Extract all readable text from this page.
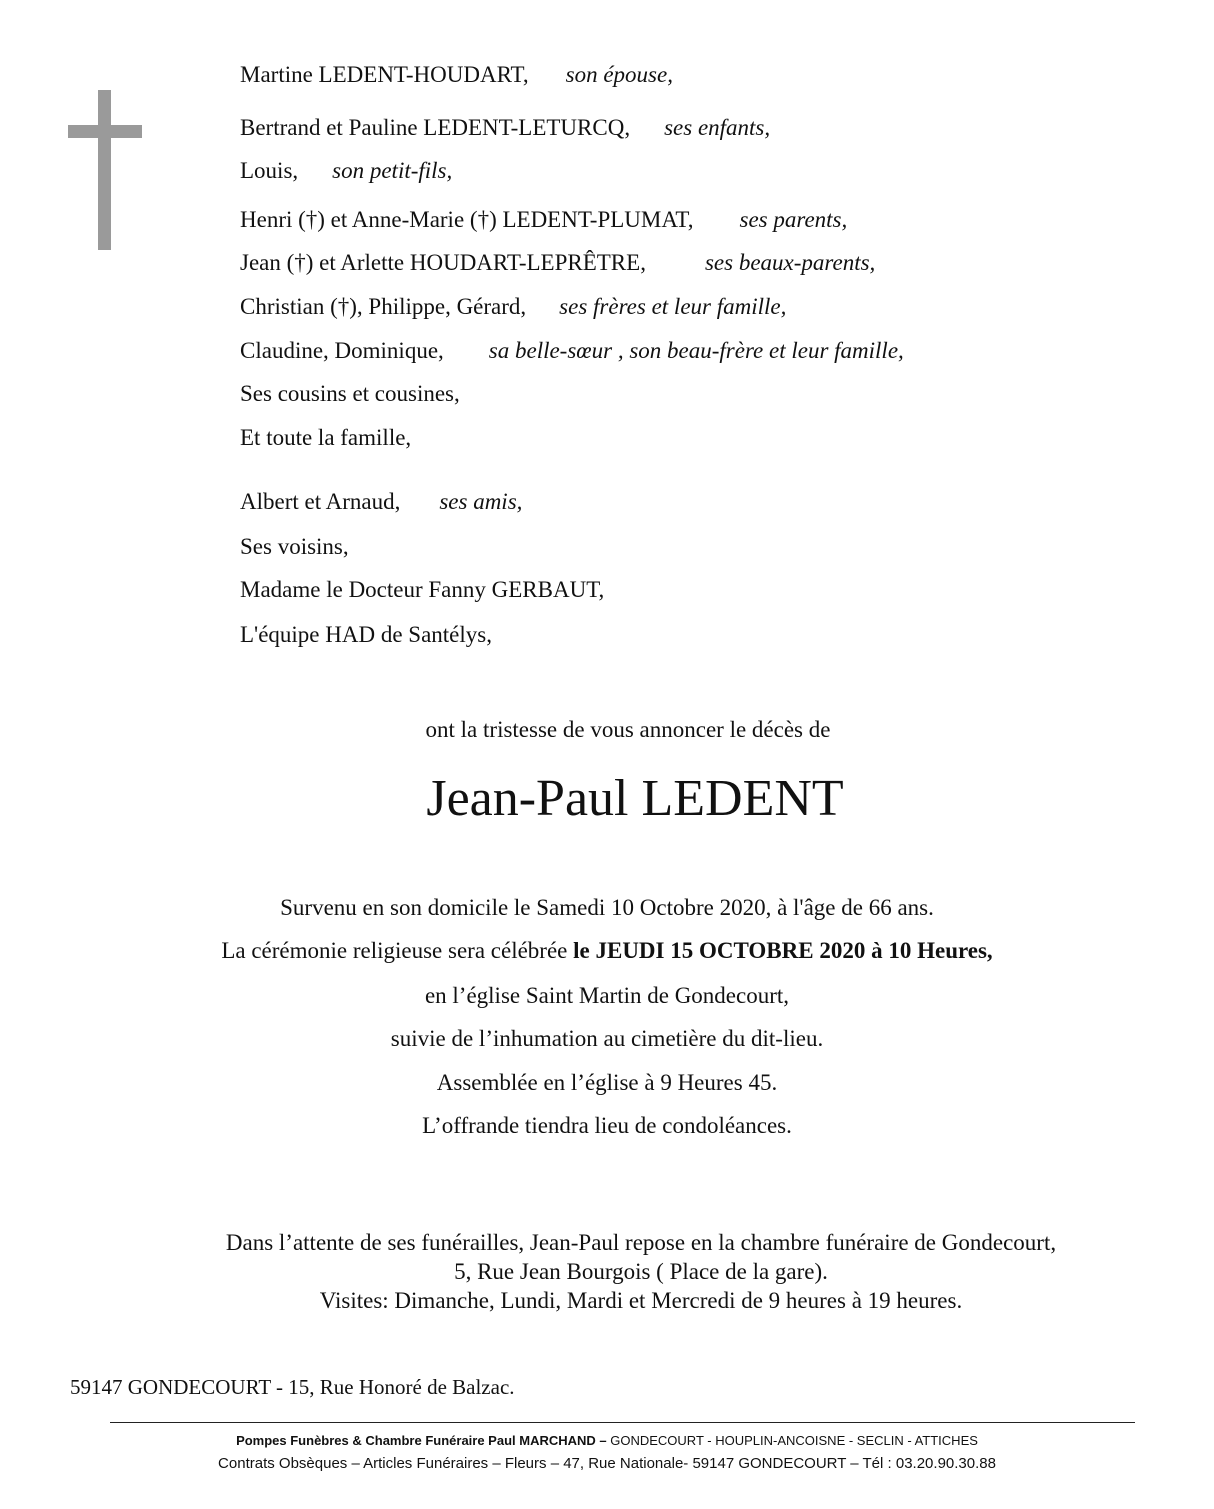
Martine LEDENT-HOUDART, son épouse,
Bertrand et Pauline LEDENT-LETURCQ, ses enfants,
Louis, son petit-fils,
Henri (†) et Anne-Marie (†) LEDENT-PLUMAT, ses parents,
Jean (†) et Arlette HOUDART-LEPRÊTRE,	ses beaux-parents,
Christian (†), Philippe, Gérard, ses frères et leur famille,
Claudine, Dominique, sa belle-sœur , son beau-frère et leur famille,
Ses cousins et cousines,
Et toute la famille,
Albert et Arnaud, ses amis,
Ses voisins,
Madame le Docteur Fanny GERBAUT,
L'équipe HAD de Santélys,
ont la tristesse de vous annoncer le décès de
Jean-Paul LEDENT
Survenu en son domicile le Samedi 10 Octobre 2020, à l'âge de 66 ans.
La cérémonie religieuse sera célébrée le JEUDI 15 OCTOBRE 2020 à 10 Heures,
en l’église Saint Martin de Gondecourt,
suivie de l’inhumation au cimetière du dit-lieu.
Assemblée en l’église à 9 Heures 45.
L’offrande tiendra lieu de condoléances.
Dans l’attente de ses funérailles, Jean-Paul repose en la chambre funéraire de Gondecourt,
5, Rue Jean Bourgois ( Place de la gare).
Visites: Dimanche, Lundi, Mardi et Mercredi de 9 heures à 19 heures.
59147 GONDECOURT - 15, Rue Honoré de Balzac.
Pompes Funèbres & Chambre Funéraire Paul MARCHAND – GONDECOURT - HOUPLIN-ANCOISNE - SECLIN - ATTICHES
Contrats Obsèques – Articles Funéraires – Fleurs – 47, Rue Nationale- 59147 GONDECOURT – Tél : 03.20.90.30.88
